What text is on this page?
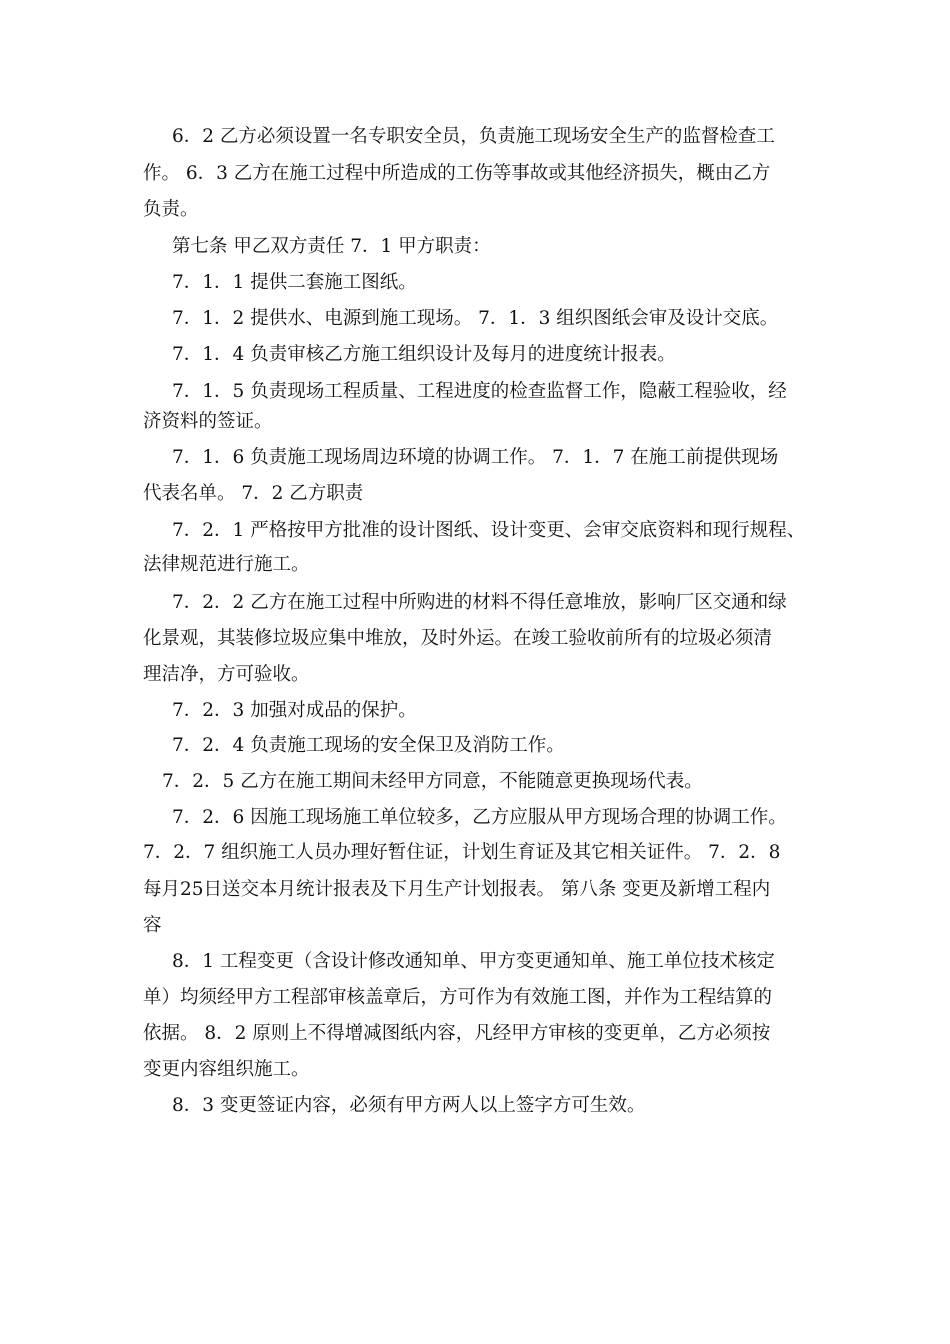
6．2 乙方必须设置一名专职安全员，负责施工现场安全生产的监督检查工
作。 6．3 乙方在施工过程中所造成的工伤等事故或其他经济损失，概由乙方
负责。
第七条 甲乙双方责任 7．1 甲方职责：
7．1．1 提供二套施工图纸。
7．1．2 提供水、电源到施工现场。 7．1．3 组织图纸会审及设计交底。
7．1．4 负责审核乙方施工组织设计及每月的进度统计报表。
7．1．5 负责现场工程质量、工程进度的检查监督工作，隐蔽工程验收，经
济资料的签证。
7．1．6 负责施工现场周边环境的协调工作。 7．1．7 在施工前提供现场
代表名单。 7．2 乙方职责
7．2．1 严格按甲方批准的设计图纸、设计变更、会审交底资料和现行规程、
法律规范进行施工。
7．2．2 乙方在施工过程中所购进的材料不得任意堆放，影响厂区交通和绿
化景观，其装修垃圾应集中堆放，及时外运。在竣工验收前所有的垃圾必须清
理洁净，方可验收。
7．2．3 加强对成品的保护。
7．2．4 负责施工现场的安全保卫及消防工作。
7．2．5 乙方在施工期间未经甲方同意，不能随意更换现场代表。
7．2．6 因施工现场施工单位较多，乙方应服从甲方现场合理的协调工作。
7．2．7 组织施工人员办理好暂住证，计划生育证及其它相关证件。 7．2．8
每月25日送交本月统计报表及下月生产计划报表。 第八条 变更及新增工程内
容
8．1 工程变更（含设计修改通知单、甲方变更通知单、施工单位技术核定
单）均须经甲方工程部审核盖章后，方可作为有效施工图，并作为工程结算的
依据。 8．2 原则上不得增减图纸内容，凡经甲方审核的变更单，乙方必须按
变更内容组织施工。
8．3 变更签证内容，必须有甲方两人以上签字方可生效。
